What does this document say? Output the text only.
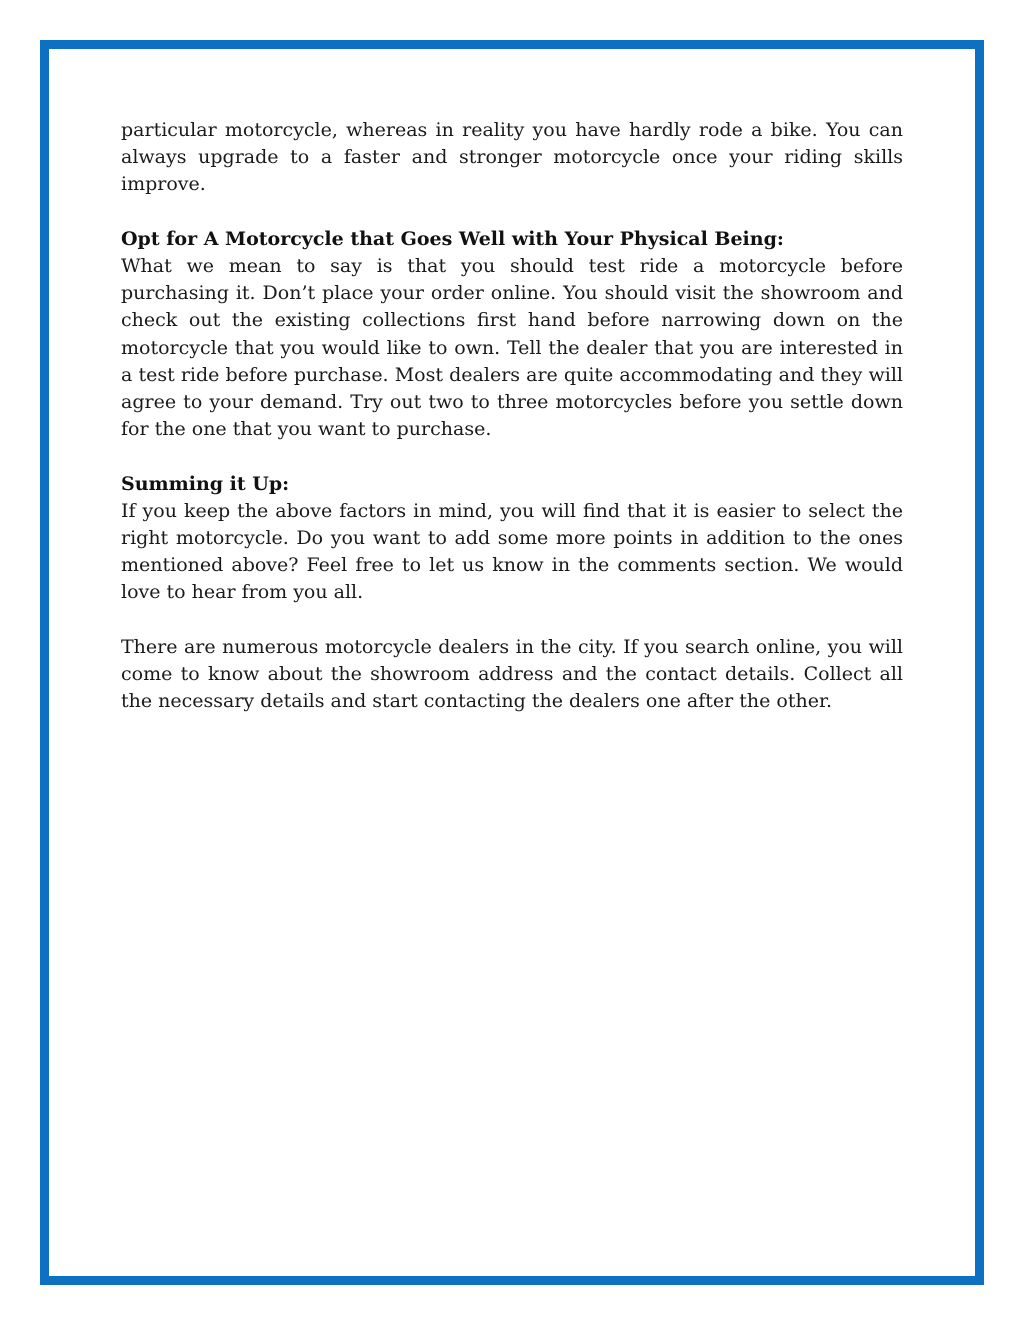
particular motorcycle, whereas in reality you have hardly rode a bike. You can always upgrade to a faster and stronger motorcycle once your riding skills improve.

Opt for A Motorcycle that Goes Well with Your Physical Being:

What we mean to say is that you should test ride a motorcycle before purchasing it. Don’t place your order online. You should visit the showroom and check out the existing collections first hand before narrowing down on the motorcycle that you would like to own. Tell the dealer that you are interested in a test ride before purchase. Most dealers are quite accommodating and they will agree to your demand. Try out two to three motorcycles before you settle down for the one that you want to purchase.

Summing it Up:

If you keep the above factors in mind, you will find that it is easier to select the right motorcycle. Do you want to add some more points in addition to the ones mentioned above? Feel free to let us know in the comments section. We would love to hear from you all.

There are numerous motorcycle dealers in the city. If you search online, you will come to know about the showroom address and the contact details. Collect all the necessary details and start contacting the dealers one after the other.
